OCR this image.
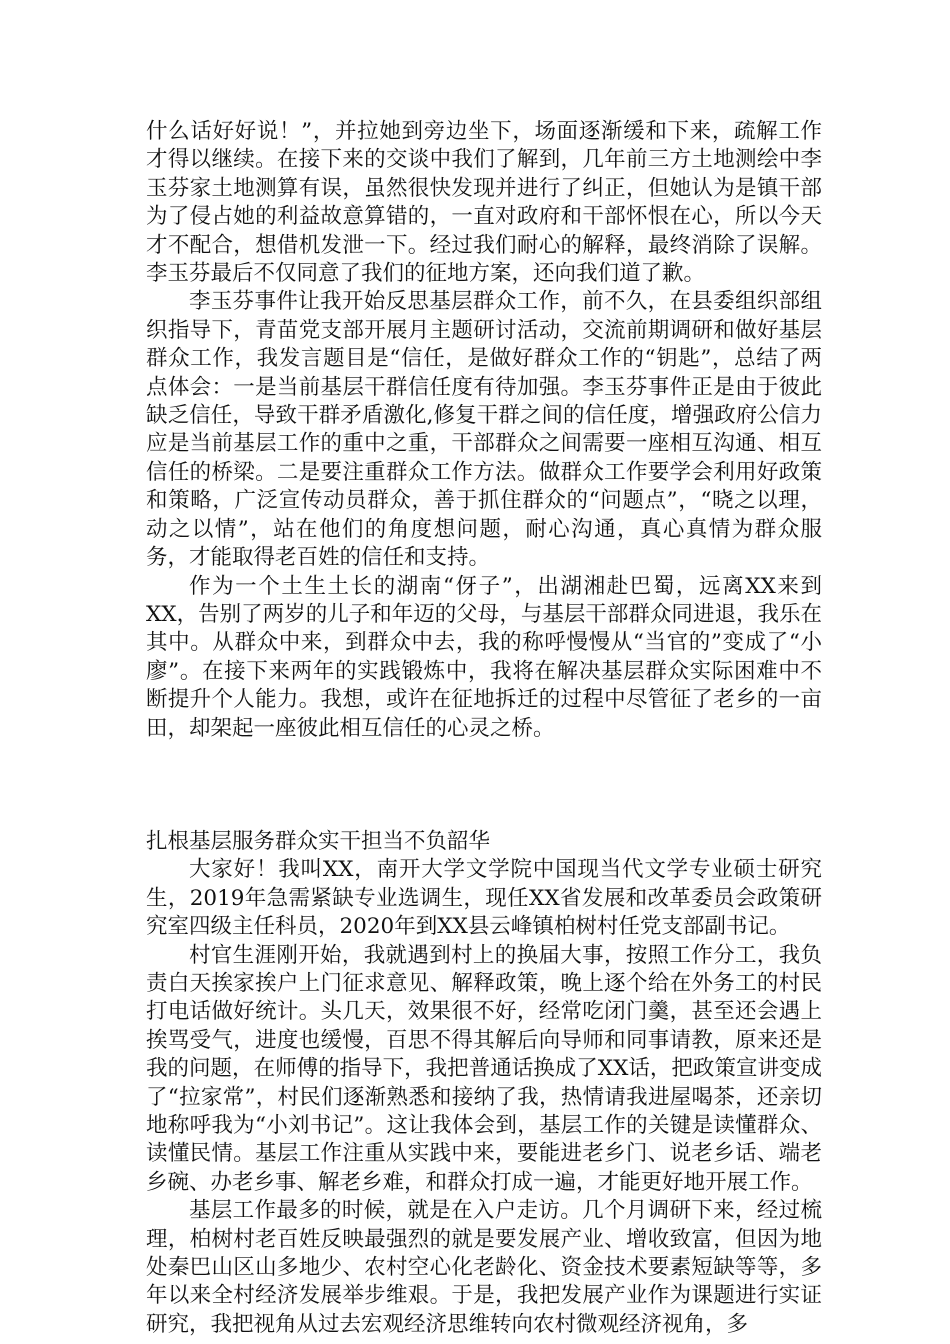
什么话好好说！”，并拉她到旁边坐下，场面逐渐缓和下来，疏解工作才得以继续。在接下来的交谈中我们了解到，几年前三方土地测绘中李玉芬家土地测算有误，虽然很快发现并进行了纠正，但她认为是镇干部为了侵占她的利益故意算错的，一直对政府和干部怀恨在心，所以今天才不配合，想借机发泄一下。经过我们耐心的解释，最终消除了误解。李玉芬最后不仅同意了我们的征地方案，还向我们道了歉。

李玉芬事件让我开始反思基层群众工作，前不久，在县委组织部组织指导下，青苗党支部开展月主题研讨活动，交流前期调研和做好基层群众工作，我发言题目是“信任，是做好群众工作的“钥匙”，总结了两点体会：一是当前基层干群信任度有待加强。李玉芬事件正是由于彼此缺乏信任，导致干群矛盾激化,修复干群之间的信任度，增强政府公信力应是当前基层工作的重中之重，干部群众之间需要一座相互沟通、相互信任的桥梁。二是要注重群众工作方法。做群众工作要学会利用好政策和策略，广泛宣传动员群众，善于抓住群众的“问题点”，“晓之以理，动之以情”，站在他们的角度想问题，耐心沟通，真心真情为群众服务，才能取得老百姓的信任和支持。

作为一个土生土长的湖南“伢子”，出湖湘赴巴蜀，远离XX来到XX，告别了两岁的儿子和年迈的父母，与基层干部群众同进退，我乐在其中。从群众中来，到群众中去，我的称呼慢慢从“当官的”变成了“小廖”。在接下来两年的实践锻炼中，我将在解决基层群众实际困难中不断提升个人能力。我想，或许在征地拆迁的过程中尽管征了老乡的一亩田，却架起一座彼此相互信任的心灵之桥。

扎根基层服务群众实干担当不负韶华

大家好！我叫XX，南开大学文学院中国现当代文学专业硕士研究生，2019年急需紧缺专业选调生，现任XX省发展和改革委员会政策研究室四级主任科员，2020年到XX县云峰镇柏树村任党支部副书记。

村官生涯刚开始，我就遇到村上的换届大事，按照工作分工，我负责白天挨家挨户上门征求意见、解释政策，晚上逐个给在外务工的村民打电话做好统计。头几天，效果很不好，经常吃闭门羹，甚至还会遇上挨骂受气，进度也缓慢，百思不得其解后向导师和同事请教，原来还是我的问题，在师傅的指导下，我把普通话换成了XX话，把政策宣讲变成了“拉家常”，村民们逐渐熟悉和接纳了我，热情请我进屋喝茶，还亲切地称呼我为“小刘书记”。这让我体会到，基层工作的关键是读懂群众、读懂民情。基层工作注重从实践中来，要能进老乡门、说老乡话、端老乡碗、办老乡事、解老乡难，和群众打成一遍，才能更好地开展工作。

基层工作最多的时候，就是在入户走访。几个月调研下来，经过梳理，柏树村老百姓反映最强烈的就是要发展产业、增收致富，但因为地处秦巴山区山多地少、农村空心化老龄化、资金技术要素短缺等等，多年以来全村经济发展举步维艰。于是，我把发展产业作为课题进行实证研究，我把视角从过去宏观经济思维转向农村微观经济视角，多
